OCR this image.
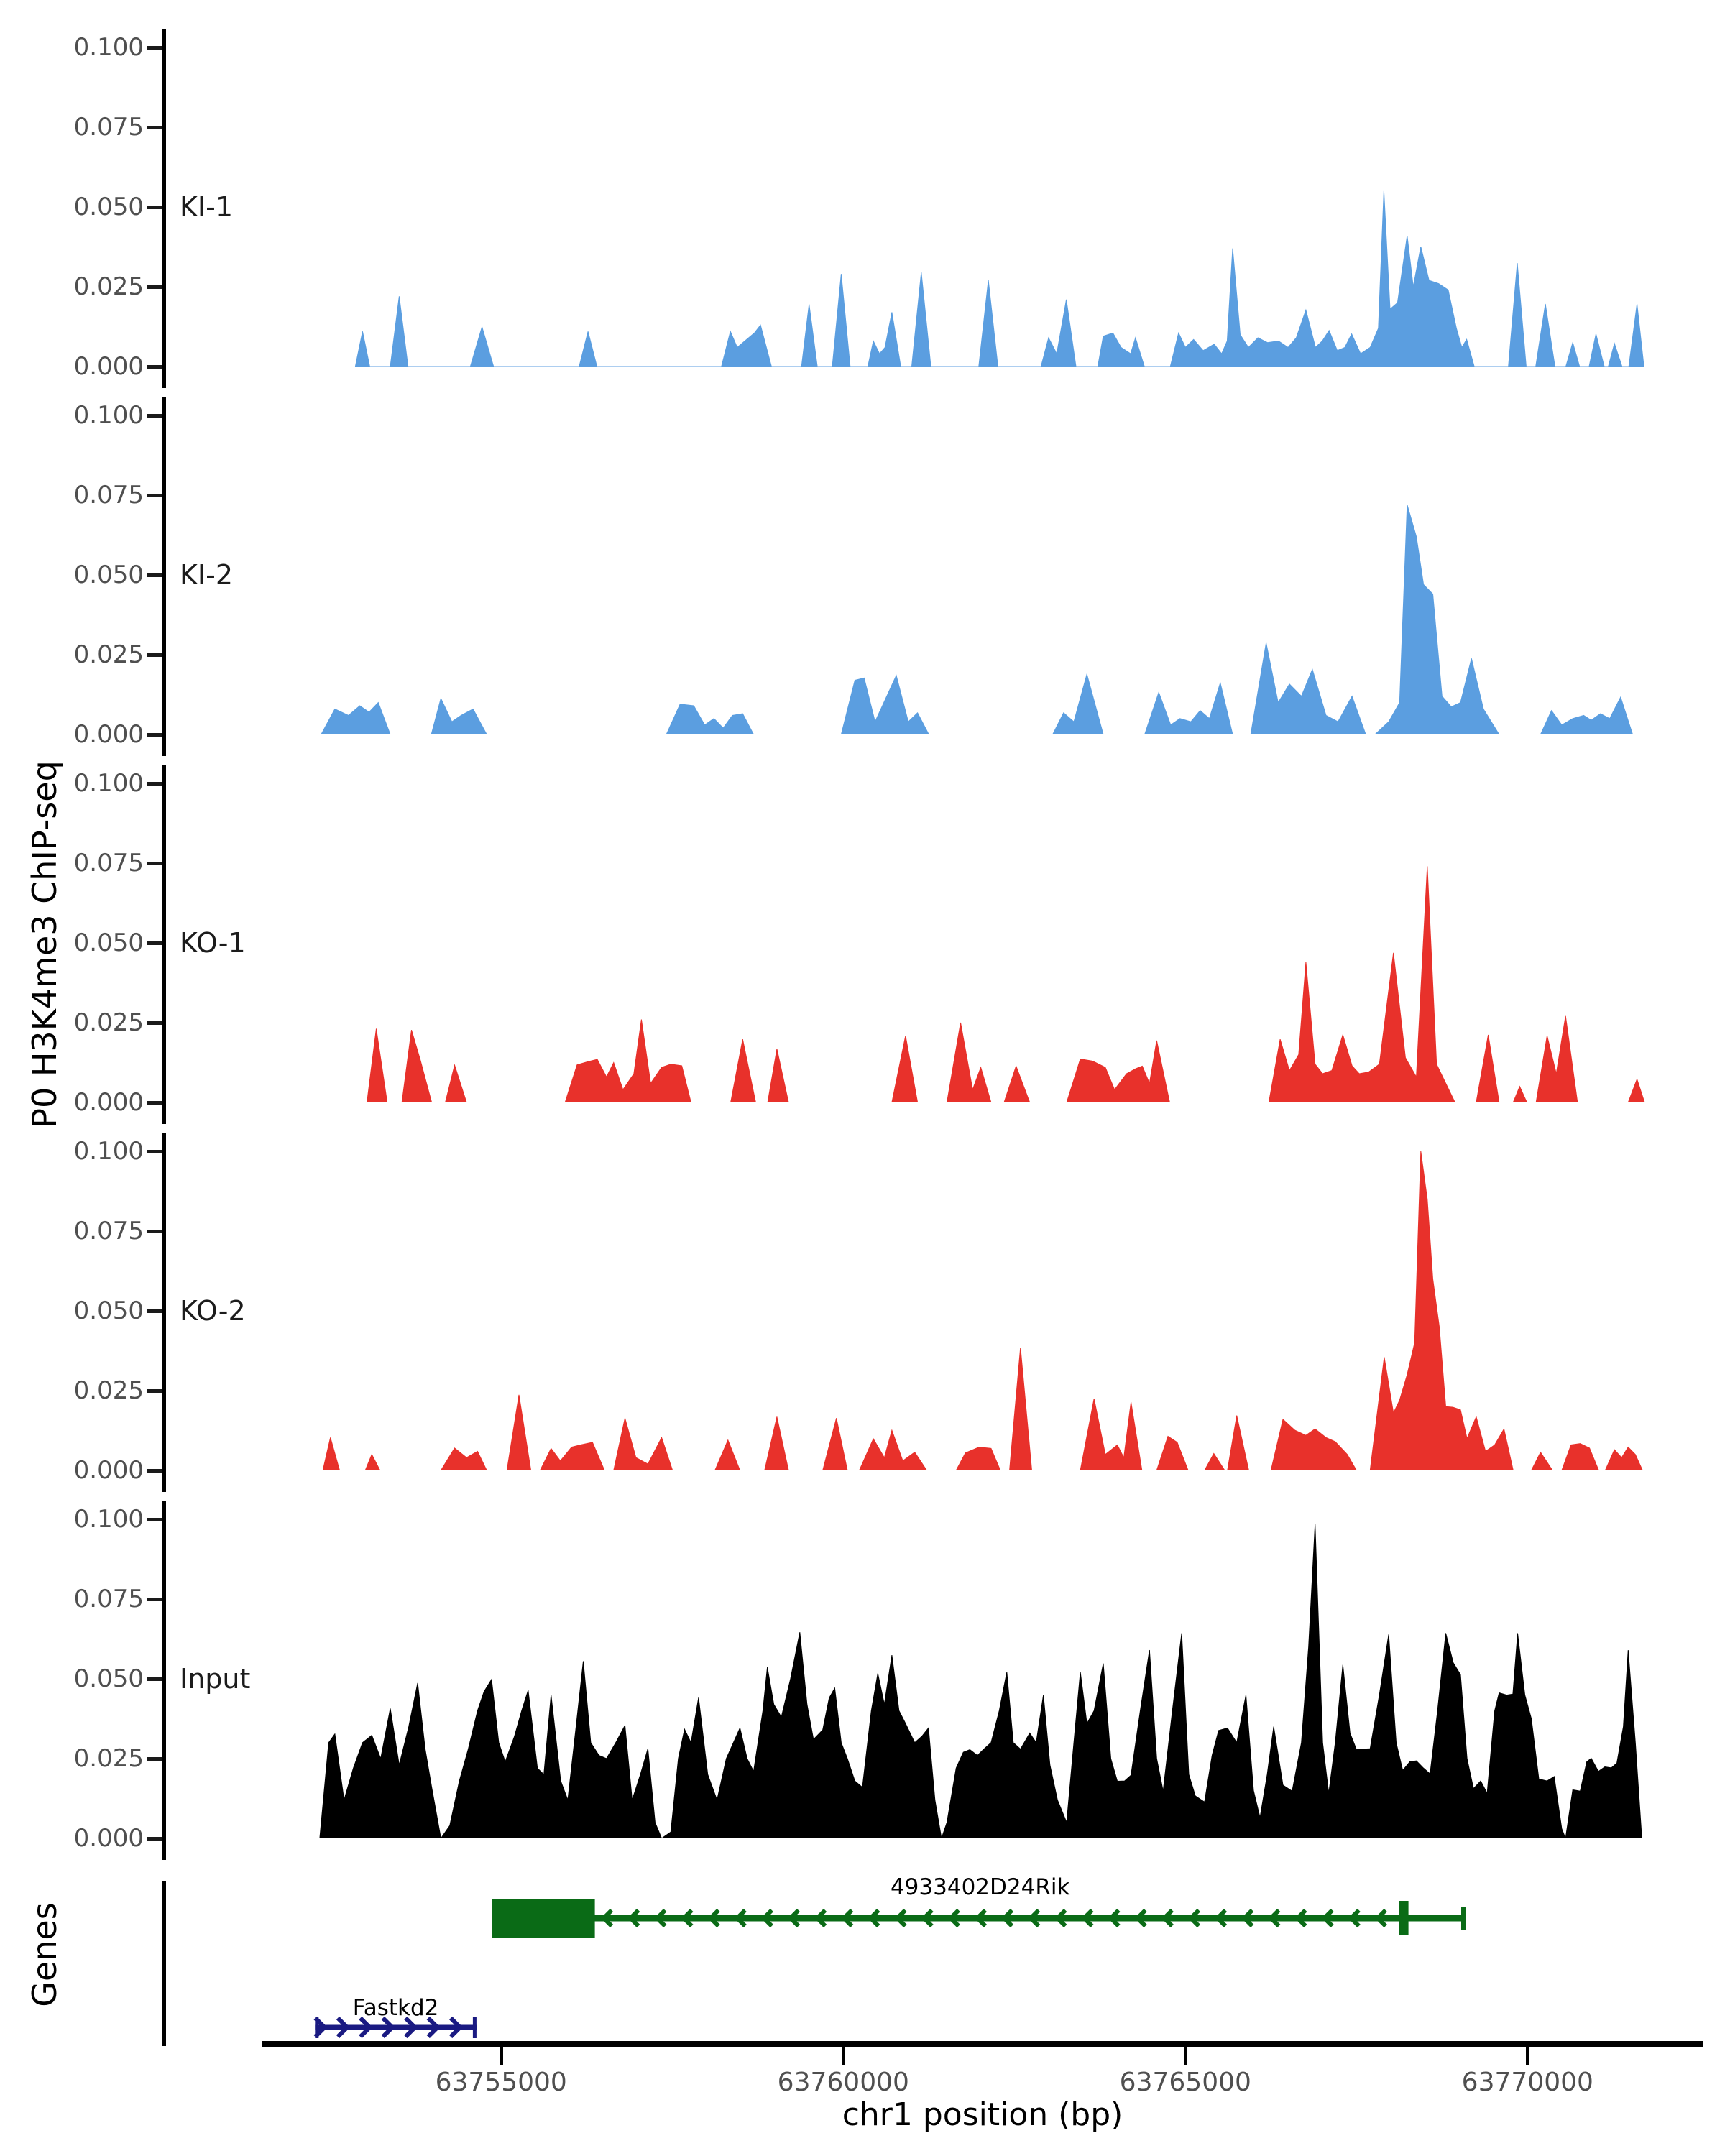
P0 H3K4me3 ChIP-seq
Genes
0.100
0.075
0.050
0.025
0.000
KI-1
0.100
0.075
0.050
0.025
0.000
KI-2
0.100
0.075
0.050
0.025
0.000
KO-1
0.100
0.075
0.050
0.025
0.000
KO-2
0.100
0.075
0.050
0.025
0.000
Input
4933402D24Rik
Fastkd2
63755000	63760000	63765000	63770000
chr1 position (bp)
